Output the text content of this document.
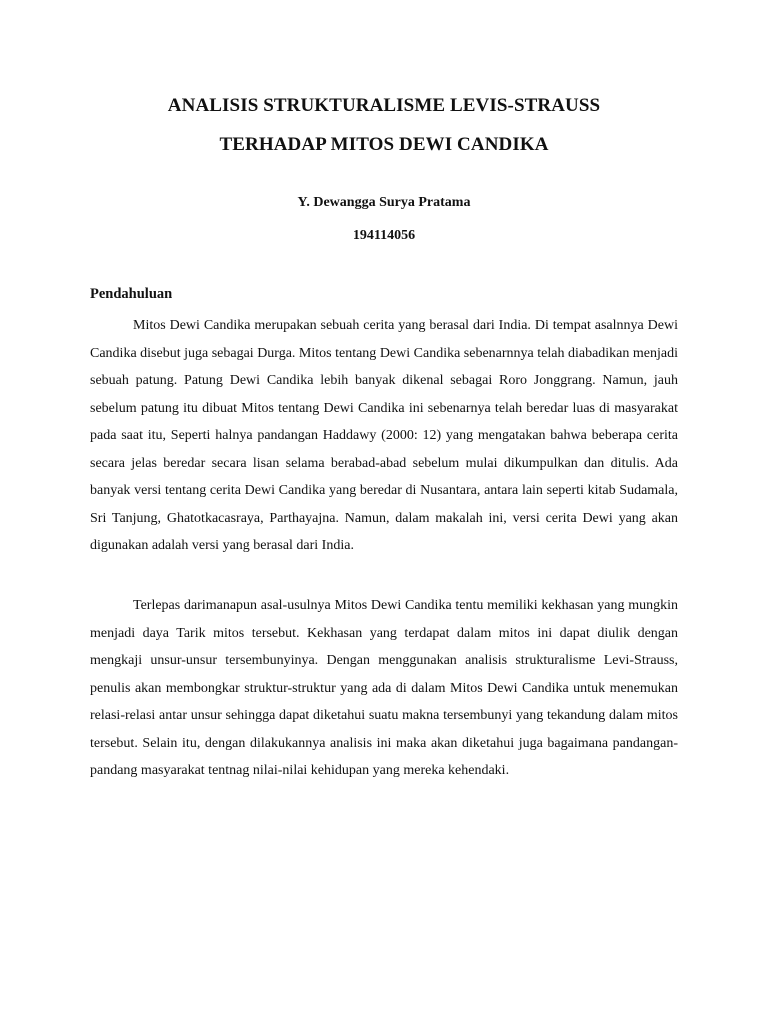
ANALISIS STRUKTURALISME LEVIS-STRAUSS
TERHADAP MITOS DEWI CANDIKA

Y. Dewangga Surya Pratama

194114056

Pendahuluan

Mitos Dewi Candika merupakan sebuah cerita yang berasal dari India. Di tempat asalnnya Dewi Candika disebut juga sebagai Durga. Mitos tentang Dewi Candika sebenarnnya telah diabadikan menjadi sebuah patung. Patung Dewi Candika lebih banyak dikenal sebagai Roro Jonggrang. Namun, jauh sebelum patung itu dibuat Mitos tentang Dewi Candika ini sebenarnya telah beredar luas di masyarakat pada saat itu, Seperti halnya pandangan Haddawy (2000: 12) yang mengatakan bahwa beberapa cerita secara jelas beredar secara lisan selama berabad-abad sebelum mulai dikumpulkan dan ditulis. Ada banyak versi tentang cerita Dewi Candika yang beredar di Nusantara, antara lain seperti kitab Sudamala, Sri Tanjung, Ghatotkacasraya, Parthayajna. Namun, dalam makalah ini, versi cerita Dewi yang akan digunakan adalah versi yang berasal dari India.

Terlepas darimanapun asal-usulnya Mitos Dewi Candika tentu memiliki kekhasan yang mungkin menjadi daya Tarik mitos tersebut. Kekhasan yang terdapat dalam mitos ini dapat diulik dengan mengkaji unsur-unsur tersembunyinya. Dengan menggunakan analisis strukturalisme Levi-Strauss, penulis akan membongkar struktur-struktur yang ada di dalam Mitos Dewi Candika untuk menemukan relasi-relasi antar unsur sehingga dapat diketahui suatu makna tersembunyi yang tekandung dalam mitos tersebut. Selain itu, dengan dilakukannya analisis ini maka akan diketahui juga bagaimana pandangan-pandang masyarakat tentnag nilai-nilai kehidupan yang mereka kehendaki.
